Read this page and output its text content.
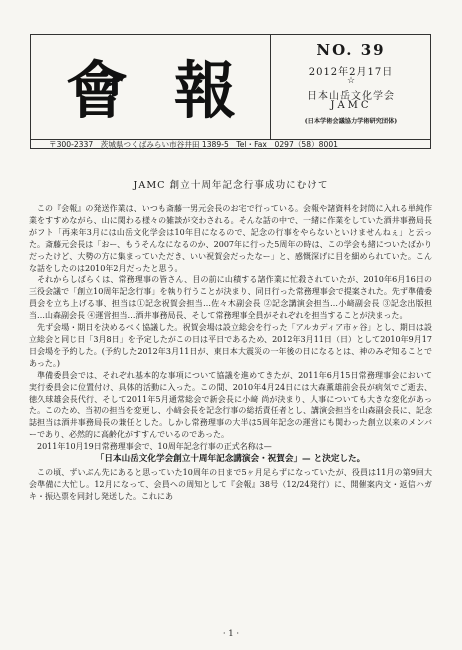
會 報
NO. 39
2012年2月17日
☆
日本山岳文化学会
JAMC
(日本学術会議協力学術研究団体)
〒300-2337　茨城県つくばみらい市谷井田 1389-5　Tel・Fax　0297（58）8001
JAMC 創立十周年記念行事成功にむけて

この『会報』の発送作業は、いつも斎藤一男元会長のお宅で行っている。会報や諸資料を封筒に入れる単純作業をすすめながら、山に関わる様々の雑談が交わされる。そんな話の中で、一緒に作業をしていた酒井事務局長がフト「再来年3月には山岳文化学会は10年目になるので、記念の行事をやらないといけませんねぇ」と云った。斎藤元会長は「おー、もうそんなになるのか、2007年に行った5周年の時は、この学会も緒についたばかりだったけど、大勢の方に集まっていただき、いい祝賀会だったなー」と、感慨深げに目を細められていた。こんな話をしたのは2010年2月だったと思う。

それからしばらくは、常務理事の皆さん、目の前に山積する諸作業に忙殺されていたが、2010年6月16日の三役会議で「創立10周年記念行事」を執り行うことが決まり、同日行った常務理事会で提案された。先ず準備委員会を立ち上げる事、担当は①記念祝賀会担当…佐々木副会長 ②記念講演会担当…小﨑副会長 ③記念出版担当…山森副会長 ④運営担当…酒井事務局長、そして常務理事全員がそれぞれを担当することが決まった。

先ず会場・期日を決めるべく協議した。祝賀会場は設立総会を行った「アルカディア市ヶ谷」とし、期日は設立総会と同じ日「3月8日」を予定したがこの日は平日であるため、2012年3月11日（日）として2010年9月17日会場を予約した。(予約した2012年3月11日が、東日本大震災の一年後の日になるとは、神のみぞ知ることであった。)

準備委員会では、それぞれ基本的な事項について協議を進めてきたが、2011年6月15日常務理事会において実行委員会に位置付け、具体的活動に入った。この間、2010年4月24日には大森薫雄前会長が病気でご逝去、徳久球雄会長代行、そして2011年5月通常総会で新会長に小﨑 尚が決まり、人事についても大きな変化があった。このため、当初の担当を変更し、小﨑会長を記念行事の総括責任者とし、講演会担当を山森副会長に、記念誌担当は酒井事務局長の兼任とした。しかし常務理事の大半は5周年記念の運営にも関わった創立以来のメンバーであり、必然的に高齢化がすすんでいるのであった。

2011年10月19日常務理事会で、10周年記念行事の正式名称は—

「日本山岳文化学会創立十周年記念講演会・祝賀会」— と決定した。

この頃、ずいぶん先にあると思っていた10周年の日まで5ヶ月足らずになっていたが、役員は11月の第9回大会準備に大忙し。12月になって、会員への周知として『会報』38号（12/24発行）に、開催案内文・返信ハガキ・振込票を同封し発送した。これにあ

· 1 ·
